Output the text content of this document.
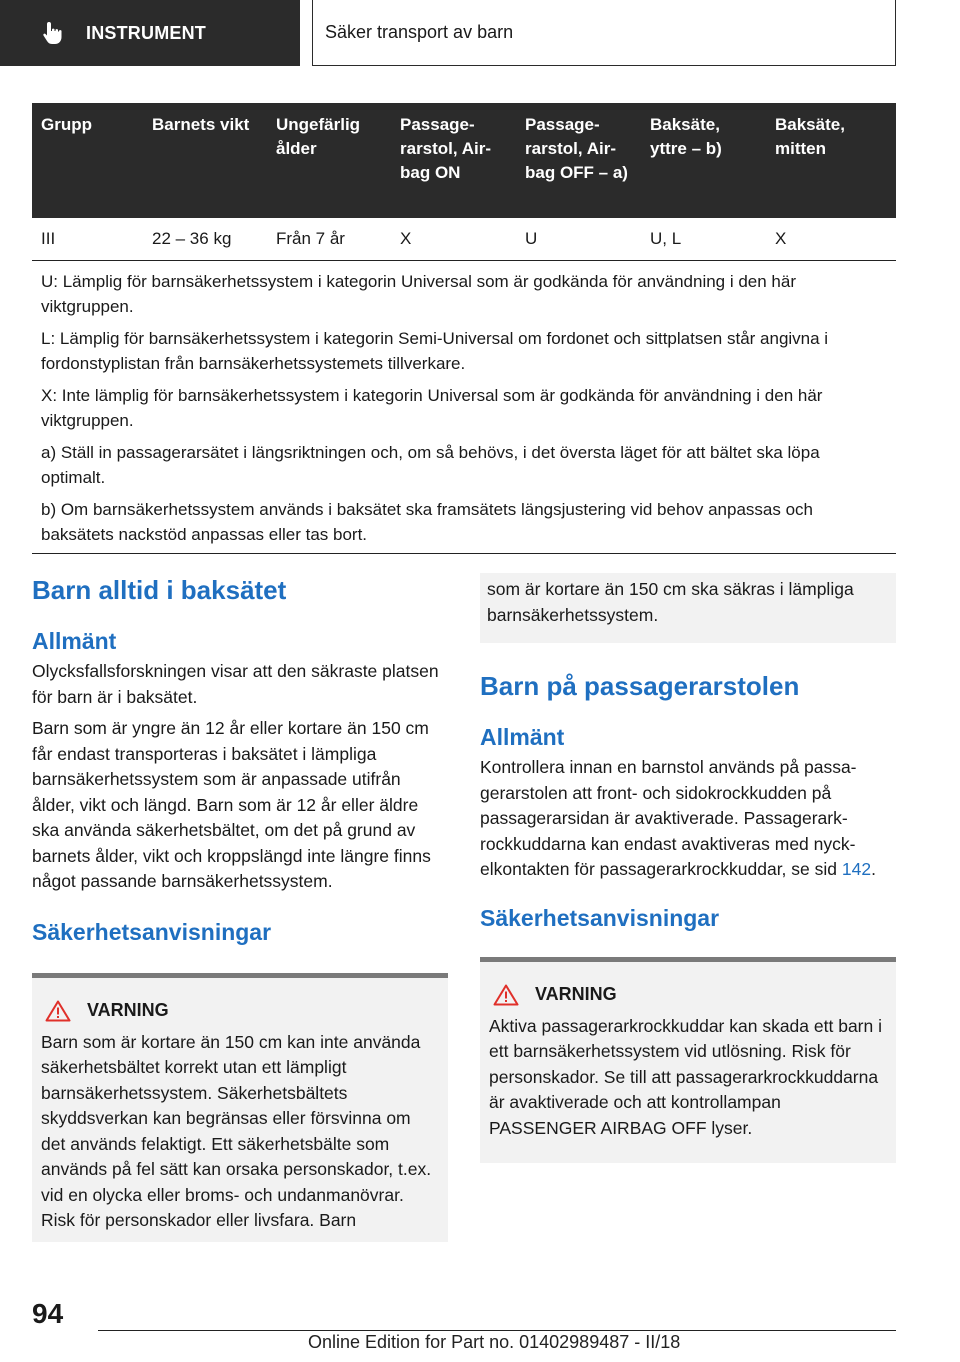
INSTRUMENT	Säker transport av barn
Grupp	Barnets vikt	Ungefärlig ålder	Passagerarstol, Airbag ON	Passagerarstol, Airbag OFF – a)	Baksäte, yttre – b)	Baksäte, mitten
III	22 – 36 kg	Från 7 år	X	U	U, L	X

U: Lämplig för barnsäkerhetssystem i kategorin Universal som är godkända för användning i den här viktgruppen.

L: Lämplig för barnsäkerhetssystem i kategorin Semi-Universal om fordonet och sittplatsen står angivna i fordonstyplistan från barnsäkerhetssystemets tillverkare.

X: Inte lämplig för barnsäkerhetssystem i kategorin Universal som är godkända för användning i den här viktgruppen.

a) Ställ in passagerarsätet i längsriktningen och, om så behövs, i det översta läget för att bältet ska löpa optimalt.

b) Om barnsäkerhetssystem används i baksätet ska framsätets längsjustering vid behov anpassas och baksätets nackstöd anpassas eller tas bort.						

Barn alltid i baksätet
Allmänt

Olycksfallsforskningen visar att den säkraste platsen för barn är i baksätet.

Barn som är yngre än 12 år eller kortare än 150 cm får endast transporteras i baksätet i lämpliga barnsäkerhetssystem som är anpassade utifrån ålder, vikt och längd. Barn som är 12 år eller äldre ska använda säkerhetsbältet, om det på grund av barnets ålder, vikt och kroppslängd inte längre finns något passande barnsäkerhetssystem.

Säkerhetsanvisningar
VARNING

Barn som är kortare än 150 cm kan inte använda säkerhetsbältet korrekt utan ett lämpligt barnsäkerhetssystem. Säkerhetsbältets skyddsverkan kan begränsas eller försvinna om det används felaktigt. Ett säkerhetsbälte som används på fel sätt kan orsaka personskador, t.ex. vid en olycka eller broms- och undanmanövrar. Risk för personskador eller livsfara. Barn

som är kortare än 150 cm ska säkras i lämpliga barnsäkerhetssystem.

Barn på passagerarstolen
Allmänt

Kontrollera innan en barnstol används på passagerarstolen att front- och sidokrockkudden på passagerarsidan är avaktiverade. Passagerarkrockkuddarna kan endast avaktiveras med nyckelkontakten för passagerarkrockkuddar, se sid 142.

Säkerhetsanvisningar
VARNING

Aktiva passagerarkrockkuddar kan skada ett barn i ett barnsäkerhetssystem vid utlösning. Risk för personskador. Se till att passagerarkrockkuddarna är avaktiverade och att kontrollampan PASSENGER AIRBAG OFF lyser.

94
Online Edition for Part no. 01402989487 - II/18
